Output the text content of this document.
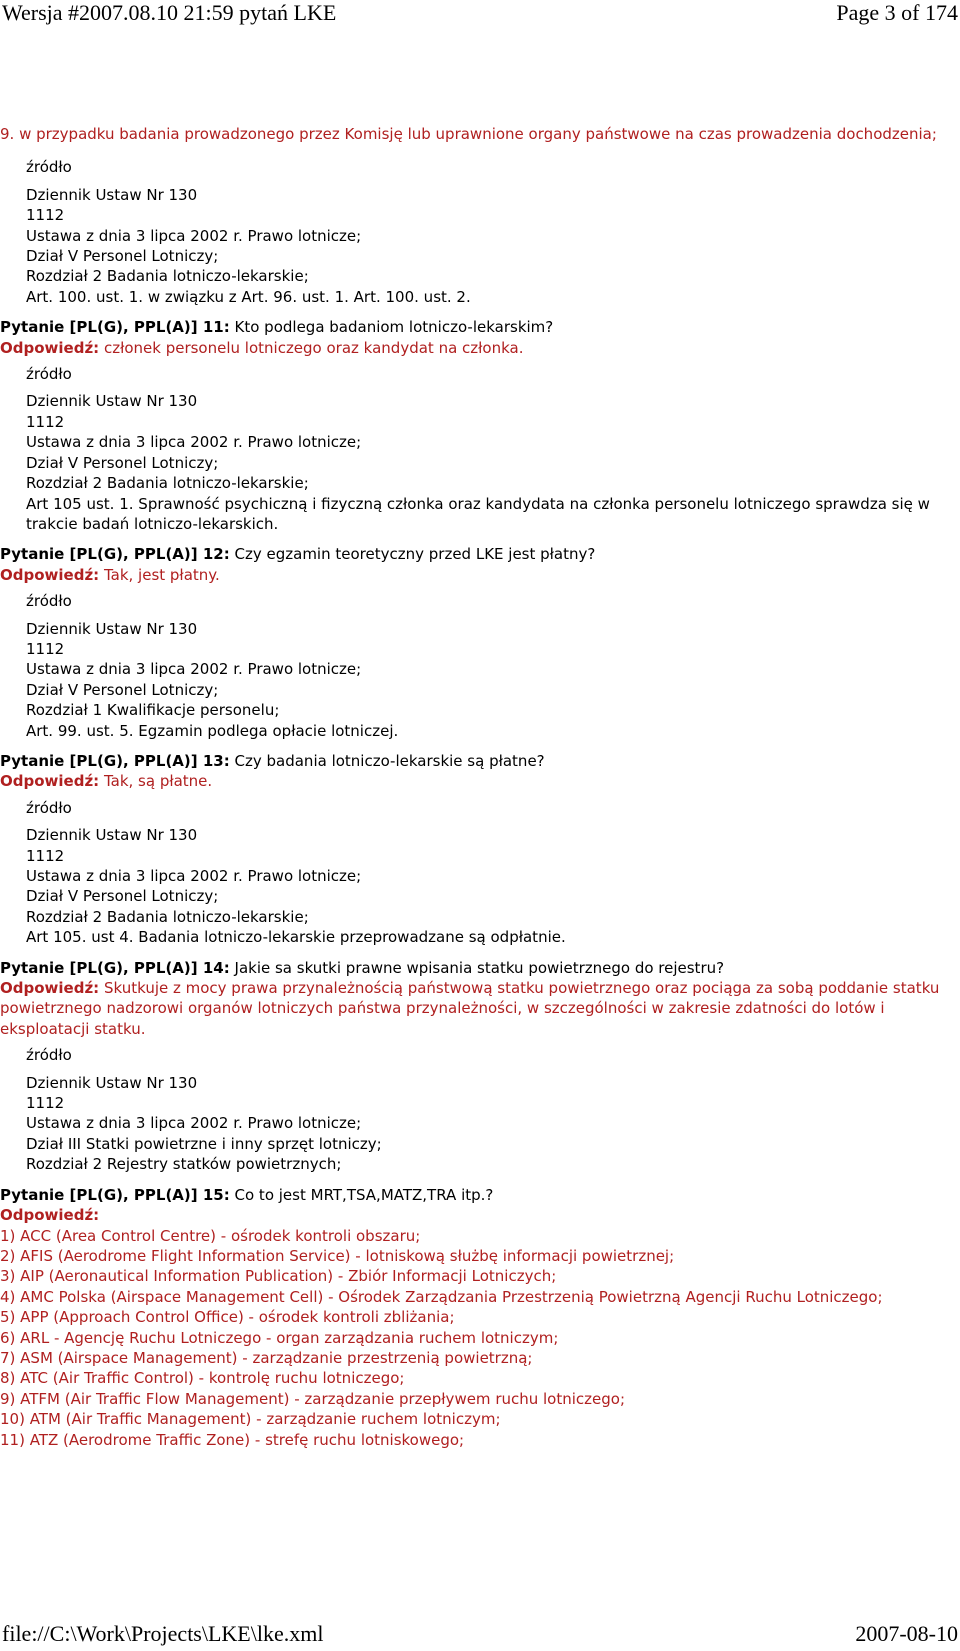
Wersja #2007.08.10 21:59 pytań LKE	Page 3 of 174
9. w przypadku badania prowadzonego przez Komisję lub uprawnione organy państwowe na czas prowadzenia dochodzenia;
źródło
Dziennik Ustaw Nr 130
1112
Ustawa z dnia 3 lipca 2002 r. Prawo lotnicze;
Dział V Personel Lotniczy;
Rozdział 2 Badania lotniczo-lekarskie;
Art. 100. ust. 1. w związku z Art. 96. ust. 1. Art. 100. ust. 2.
Pytanie [PL(G), PPL(A)] 11: Kto podlega badaniom lotniczo-lekarskim?
Odpowiedź: członek personelu lotniczego oraz kandydat na członka.
źródło
Dziennik Ustaw Nr 130
1112
Ustawa z dnia 3 lipca 2002 r. Prawo lotnicze;
Dział V Personel Lotniczy;
Rozdział 2 Badania lotniczo-lekarskie;
Art 105 ust. 1. Sprawność psychiczną i fizyczną członka oraz kandydata na członka personelu lotniczego sprawdza się w trakcie badań lotniczo-lekarskich.
Pytanie [PL(G), PPL(A)] 12: Czy egzamin teoretyczny przed LKE jest płatny?
Odpowiedź: Tak, jest płatny.
źródło
Dziennik Ustaw Nr 130
1112
Ustawa z dnia 3 lipca 2002 r. Prawo lotnicze;
Dział V Personel Lotniczy;
Rozdział 1 Kwalifikacje personelu;
Art. 99. ust. 5. Egzamin podlega opłacie lotniczej.
Pytanie [PL(G), PPL(A)] 13: Czy badania lotniczo-lekarskie są płatne?
Odpowiedź: Tak, są płatne.
źródło
Dziennik Ustaw Nr 130
1112
Ustawa z dnia 3 lipca 2002 r. Prawo lotnicze;
Dział V Personel Lotniczy;
Rozdział 2 Badania lotniczo-lekarskie;
Art 105. ust 4. Badania lotniczo-lekarskie przeprowadzane są odpłatnie.
Pytanie [PL(G), PPL(A)] 14: Jakie sa skutki prawne wpisania statku powietrznego do rejestru?
Odpowiedź: Skutkuje z mocy prawa przynależnością państwową statku powietrznego oraz pociąga za sobą poddanie statku powietrznego nadzorowi organów lotniczych państwa przynależności, w szczególności w zakresie zdatności do lotów i eksploatacji statku.
źródło
Dziennik Ustaw Nr 130
1112
Ustawa z dnia 3 lipca 2002 r. Prawo lotnicze;
Dział III Statki powietrzne i inny sprzęt lotniczy;
Rozdział 2 Rejestry statków powietrznych;
Pytanie [PL(G), PPL(A)] 15: Co to jest MRT,TSA,MATZ,TRA itp.?
Odpowiedź:
1) ACC (Area Control Centre) - ośrodek kontroli obszaru;
2) AFIS (Aerodrome Flight Information Service) - lotniskową służbę informacji powietrznej;
3) AIP (Aeronautical Information Publication) - Zbiór Informacji Lotniczych;
4) AMC Polska (Airspace Management Cell) - Ośrodek Zarządzania Przestrzenią Powietrzną Agencji Ruchu Lotniczego;
5) APP (Approach Control Office) - ośrodek kontroli zbliżania;
6) ARL - Agencję Ruchu Lotniczego - organ zarządzania ruchem lotniczym;
7) ASM (Airspace Management) - zarządzanie przestrzenią powietrzną;
8) ATC (Air Traffic Control) - kontrolę ruchu lotniczego;
9) ATFM (Air Traffic Flow Management) - zarządzanie przepływem ruchu lotniczego;
10) ATM (Air Traffic Management) - zarządzanie ruchem lotniczym;
11) ATZ (Aerodrome Traffic Zone) - strefę ruchu lotniskowego;
file://C:\Work\Projects\LKE\lke.xml	2007-08-10
